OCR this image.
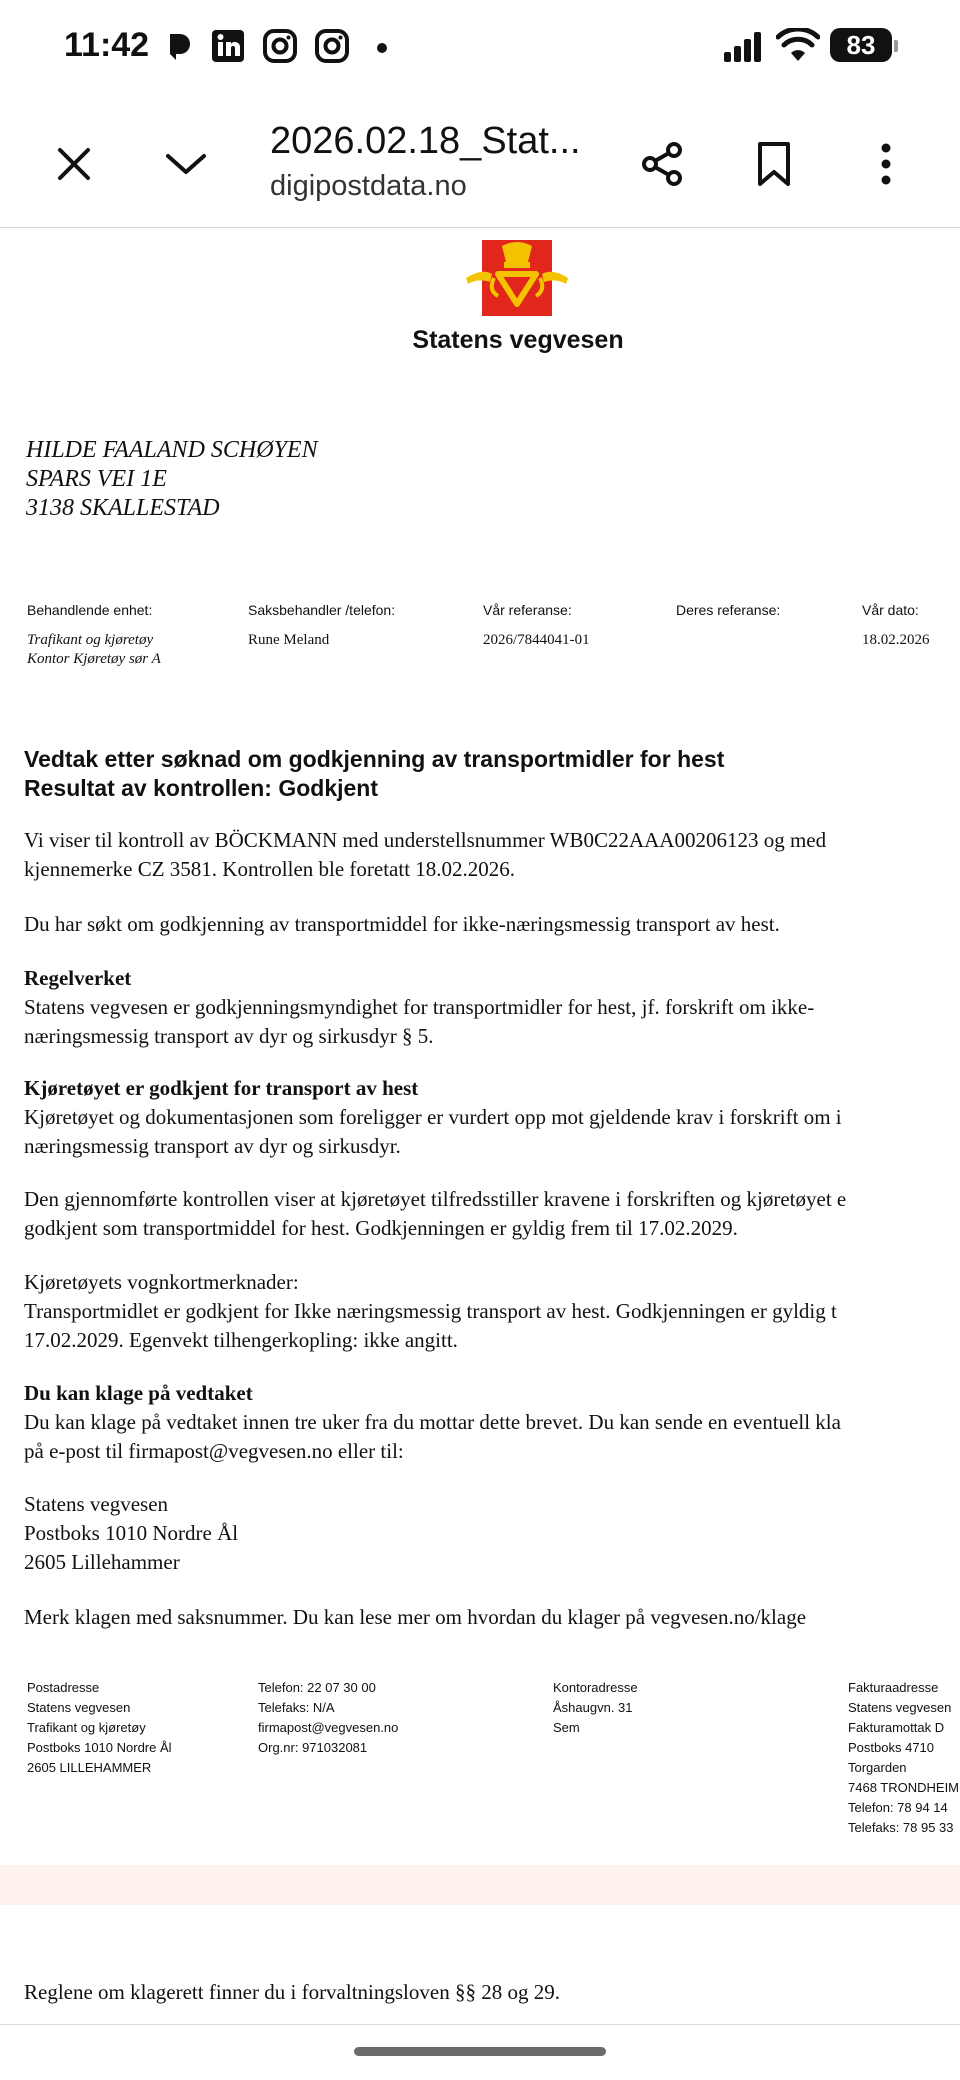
11:42	83
2026.02.18_Stat...
digipostdata.no
Statens vegvesen
HILDE FAALAND SCHØYEN
SPARS VEI 1E
3138 SKALLESTAD
Behandlende enhet:
Trafikant og kjøretøy
Kontor Kjøretøy sør A
Saksbehandler /telefon:
Rune Meland
Vår referanse:
2026/7844041-01
Deres referanse:	Vår dato:
18.02.2026
Vedtak etter søknad om godkjenning av transportmidler for hest
Resultat av kontrollen: Godkjent
Vi viser til kontroll av BÖCKMANN med understellsnummer WB0C22AAA00206123 og med
kjennemerke CZ 3581. Kontrollen ble foretatt 18.02.2026.
Du har søkt om godkjenning av transportmiddel for ikke-næringsmessig transport av hest.
Regelverket
Statens vegvesen er godkjenningsmyndighet for transportmidler for hest, jf. forskrift om ikke-
næringsmessig transport av dyr og sirkusdyr § 5.
Kjøretøyet er godkjent for transport av hest
Kjøretøyet og dokumentasjonen som foreligger er vurdert opp mot gjeldende krav i forskrift om i
næringsmessig transport av dyr og sirkusdyr.
Den gjennomførte kontrollen viser at kjøretøyet tilfredsstiller kravene i forskriften og kjøretøyet e
godkjent som transportmiddel for hest. Godkjenningen er gyldig frem til 17.02.2029.
Kjøretøyets vognkortmerknader:
Transportmidlet er godkjent for Ikke næringsmessig transport av hest. Godkjenningen er gyldig t
17.02.2029. Egenvekt tilhengerkopling: ikke angitt.
Du kan klage på vedtaket
Du kan klage på vedtaket innen tre uker fra du mottar dette brevet. Du kan sende en eventuell kla
på e-post til firmapost@vegvesen.no eller til:
Statens vegvesen
Postboks 1010 Nordre Ål
2605 Lillehammer
Merk klagen med saksnummer. Du kan lese mer om hvordan du klager på vegvesen.no/klage
Postadresse
Statens vegvesen
Trafikant og kjøretøy
Postboks 1010 Nordre Ål
2605 LILLEHAMMER
Telefon: 22 07 30 00
Telefaks: N/A
firmapost@vegvesen.no
Org.nr: 971032081
Kontoradresse
Åshaugvn. 31
Sem
Fakturaadresse
Statens vegvesen
Fakturamottak D
Postboks 4710
Torgarden
7468 TRONDHEIM
Telefon: 78 94 14
Telefaks: 78 95 33
Reglene om klagerett finner du i forvaltningsloven §§ 28 og 29.
